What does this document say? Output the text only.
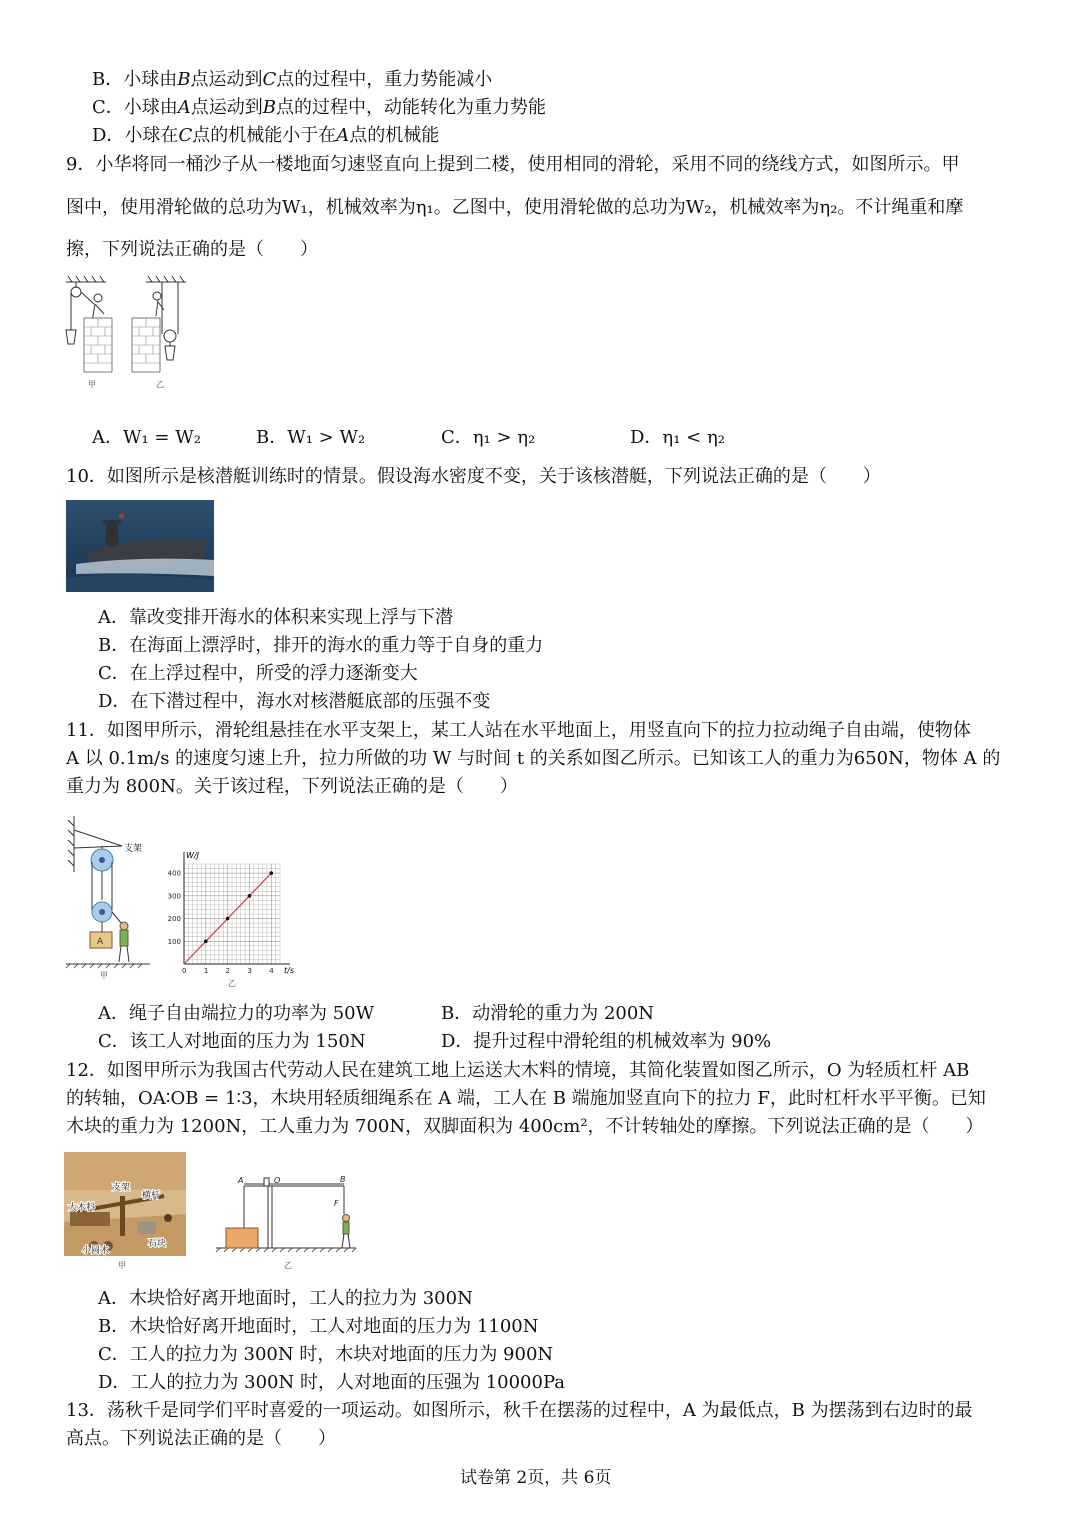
B．小球由B点运动到C点的过程中，重力势能减小
C．小球由A点运动到B点的过程中，动能转化为重力势能
D．小球在C点的机械能小于在A点的机械能
9．小华将同一桶沙子从一楼地面匀速竖直向上提到二楼，使用相同的滑轮，采用不同的绕线方式，如图所示。甲
图中，使用滑轮做的总功为W₁，机械效率为η₁。乙图中，使用滑轮做的总功为W₂，机械效率为η₂。不计绳重和摩
擦，下列说法正确的是（　　）
甲	乙
A．W₁ = W₂	B．W₁ > W₂	C．η₁ > η₂	D．η₁ < η₂
10．如图所示是核潜艇训练时的情景。假设海水密度不变，关于该核潜艇，下列说法正确的是（　　）
A．靠改变排开海水的体积来实现上浮与下潜
B．在海面上漂浮时，排开的海水的重力等于自身的重力
C．在上浮过程中，所受的浮力逐渐变大
D．在下潜过程中，海水对核潜艇底部的压强不变
11．如图甲所示，滑轮组悬挂在水平支架上，某工人站在水平地面上，用竖直向下的拉力拉动绳子自由端，使物体
A 以 0.1m/s 的速度匀速上升，拉力所做的功 W 与时间 t 的关系如图乙所示。已知该工人的重力为650N，物体 A 的
重力为 800N。关于该过程，下列说法正确的是（　　）
A
甲
支架
0 1 2 3 4
100
200
300
400
W/J
t/s
乙
A．绳子自由端拉力的功率为 50W	B．动滑轮的重力为 200N
C．该工人对地面的压力为 150N	D．提升过程中滑轮组的机械效率为 90%
12．如图甲所示为我国古代劳动人民在建筑工地上运送大木料的情境，其简化装置如图乙所示，O 为轻质杠杆 AB
的转轴，OA∶OB = 1∶3，木块用轻质细绳系在 A 端，工人在 B 端施加竖直向下的拉力 F，此时杠杆水平平衡。已知
木块的重力为 1200N，工人重力为 700N，双脚面积为 400cm²，不计转轴处的摩擦。下列说法正确的是（　　）
支架
横杆
大木料
石块
小圆木
甲
A	O	B
F
乙
A．木块恰好离开地面时，工人的拉力为 300N
B．木块恰好离开地面时，工人对地面的压力为 1100N
C．工人的拉力为 300N 时，木块对地面的压力为 900N
D．工人的拉力为 300N 时，人对地面的压强为 10000Pa
13．荡秋千是同学们平时喜爱的一项运动。如图所示，秋千在摆荡的过程中，A 为最低点，B 为摆荡到右边时的最
高点。下列说法正确的是（　　）
试卷第 2页，共 6页
